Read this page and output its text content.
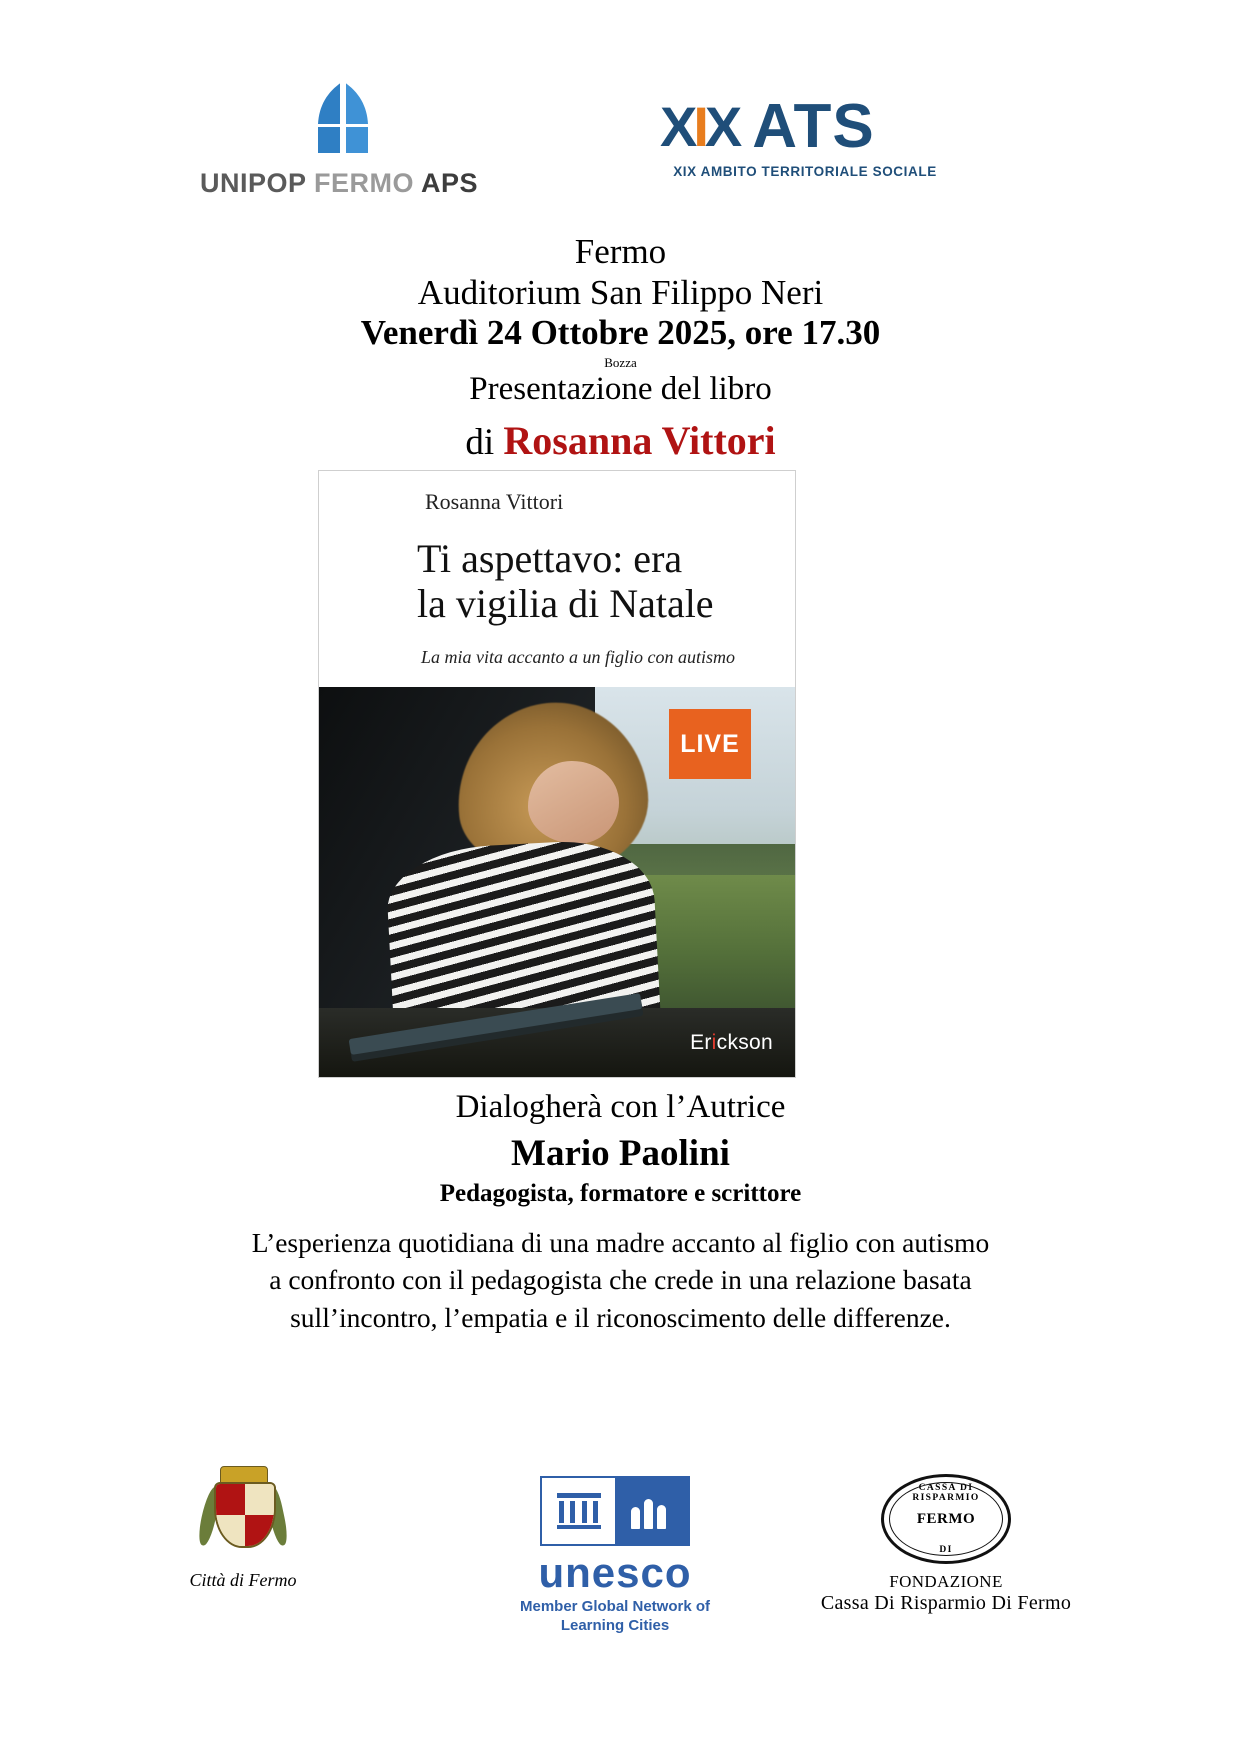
UNIPOP FERMO APS
XIX ATS
XIX AMBITO TERRITORIALE SOCIALE
Fermo
Auditorium San Filippo Neri
Venerdì 24 Ottobre 2025, ore 17.30
Bozza
Presentazione del libro
di Rosanna Vittori
Rosanna Vittori
Ti aspettavo: era
la vigilia di Natale
La mia vita accanto a un figlio con autismo
LIVE
Erickson
Dialogherà con l’Autrice
Mario Paolini
Pedagogista, formatore e scrittore
L’esperienza quotidiana di una madre accanto al figlio con autismo
a confronto con il pedagogista che crede in una relazione basata
sull’incontro, l’empatia e il riconoscimento delle differenze.
Città di Fermo	unesco
Member Global Network of
Learning Cities
CASSA DI RISPARMIO
FERMO
DI
FONDAZIONE
Cassa Di Risparmio Di Fermo
